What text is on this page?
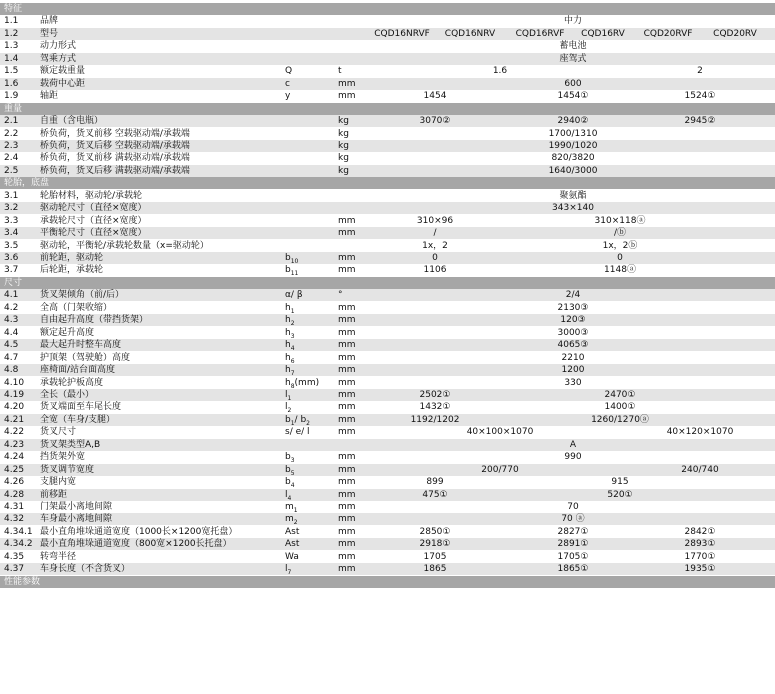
特征
1.1 品牌	中力
1.2 型号	CQD16NRVF CQD16NRV CQD16RVF CQD16RV CQD20RVF CQD20RV
1.3 动力形式	蓄电池
1.4 驾乘方式	座驾式
1.5 额定载重量	Q	t	1.6	2
1.6 载荷中心距	c	mm	600
1.9 轴距	y	mm	1454	1454①	1524①
重量
2.1 自重（含电瓶）	kg	3070②	2940②	2945②
2.2 桥负荷，货叉前移 空载驱动端/承载端	kg	1700/1310
2.3 桥负荷，货叉后移 空载驱动端/承载端	kg	1990/1020
2.4 桥负荷，货叉前移 满载驱动端/承载端	kg	820/3820
2.5 桥负荷，货叉后移 满载驱动端/承载端	kg	1640/3000
轮胎，底盘
3.1 轮胎材料，驱动轮/承载轮	聚氨酯
3.2 驱动轮尺寸（直径×宽度）	343×140
3.3 承载轮尺寸（直径×宽度）	mm	310×96	310×118ⓐ
3.4 平衡轮尺寸（直径×宽度）	mm	/	/ⓑ
3.5 驱动轮，平衡轮/承载轮数量（x=驱动轮）	1x，2	1x，2ⓑ
3.6 前轮距，驱动轮	$b_{10}$	mm	0	0
3.7 后轮距，承载轮	$b_{11}$	mm	1106	1148ⓐ
尺寸
4.1 货叉架倾角（前/后）	α/ β	°	2/4
4.2 全高（门架收缩）	$h_1$	mm	2130③
4.3 自由起升高度（带挡货架）	$h_2$	mm	120③
4.4 额定起升高度	$h_3$	mm	3000③
4.5 最大起升时整车高度	$h_4$	mm	4065③
4.7 护顶架（驾驶舱）高度	$h_6$	mm	2210
4.8 座椅面/站台面高度	$h_7$	mm	1200
4.10 承载轮护板高度	$h_8(mm)$ mm	330
4.19 全长（最小）	$l_1$	mm	2502①	2470①
4.20 货叉端面至车尾长度	$l_2$	mm	1432①	1400①
4.21 全宽（车身/支腿）	$b_1/$ $b_2$	mm	1192/1202	1260/1270ⓐ
4.22 货叉尺寸	s/ e/ l	mm	40×100×1070	40×120×1070
4.23 货叉架类型A,B	A
4.24 挡货架外宽	$b_3$	mm	990
4.25 货叉调节宽度	$b_5$	mm	200/770	240/740
4.26 支腿内宽	$b_4$	mm	899	915
4.28 前移距	$l_4$	mm	475①	520①
4.31 门架最小离地间隙	$m_1$	mm	70
4.32 车身最小离地间隙	$m_2$	mm	70 ⓐ
4.34.1 最小直角堆垛通道宽度（1000长×1200宽托盘）	Ast	mm	2850①	2827①	2842①
4.34.2 最小直角堆垛通道宽度（800宽×1200长托盘）	Ast	mm	2918①	2891①	2893①
4.35 转弯半径	Wa	mm	1705	1705①	1770①
4.37 车身长度（不含货叉）	$l_7$	mm	1865	1865①	1935①
性能参数
